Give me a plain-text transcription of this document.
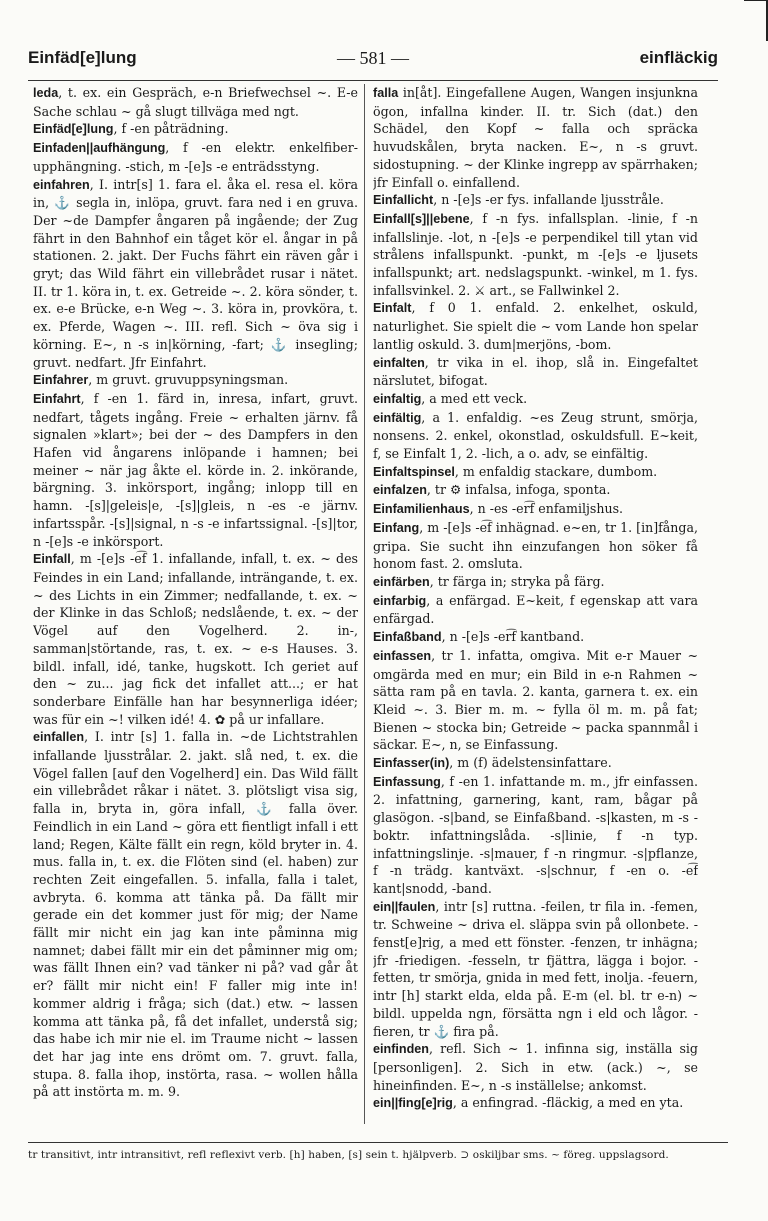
Einfäd[e]lung	— 581 —	einfläckig

leda, t. ex. ein Gespräch, e-n Briefwechsel ~. E-e Sache schlau ~ gå slugt tillväga med ngt.

Einfäd[e]lung, f -en påträdning.

Einfaden||aufhängung, f -en elektr. enkelfiber-upphängning. -stich, m -[e]s -e enträdsstyng.

einfahren, I. intr[s] 1. fara el. åka el. resa el. köra in, ⚓ segla in, inlöpa, gruvt. fara ned i en gruva. Der ~de Dampfer ångaren på ingående; der Zug fährt in den Bahnhof ein tåget kör el. ångar in på stationen. 2. jakt. Der Fuchs fährt ein räven går i gryt; das Wild fährt ein villebrådet rusar i nätet. II. tr 1. köra in, t. ex. Getreide ~. 2. köra sönder, t. ex. e-e Brücke, e-n Weg ~. 3. köra in, provköra, t. ex. Pferde, Wagen ~. III. refl. Sich ~ öva sig i körning. E~, n -s in|körning, -fart; ⚓ insegling; gruvt. nedfart. Jfr Einfahrt.

Einfahrer, m gruvt. gruvuppsyningsman.

Einfahrt, f -en 1. färd in, inresa, infart, gruvt. nedfart, tågets ingång. Freie ~ erhalten järnv. få signalen »klart»; bei der ~ des Dampfers in den Hafen vid ångarens inlöpande i hamnen; bei meiner ~ när jag åkte el. körde in. 2. inkörande, bärgning. 3. inkörsport, ingång; inlopp till en hamn. -[s]|geleis|e, -[s]|gleis, n -es -e järnv. infartsspår. -[s]|signal, n -s -e infartssignal. -[s]|tor, n -[e]s -e inkörsport.

Einfall, m -[e]s -e͡f 1. infallande, infall, t. ex. ~ des Feindes in ein Land; infallande, inträngande, t. ex. ~ des Lichts in ein Zimmer; nedfallande, t. ex. ~ der Klinke in das Schloß; nedslående, t. ex. ~ der Vögel auf den Vogelherd. 2. in-, samman|störtande, ras, t. ex. ~ e-s Hauses. 3. bildl. infall, idé, tanke, hugskott. Ich geriet auf den ~ zu... jag fick det infallet att...; er hat sonderbare Einfälle han har besynnerliga idéer; was für ein ~! vilken idé! 4. ✿ på ur infallare.

einfallen, I. intr [s] 1. falla in. ~de Lichtstrahlen infallande ljusstrålar. 2. jakt. slå ned, t. ex. die Vögel fallen [auf den Vogelherd] ein. Das Wild fällt ein villebrådet råkar i nätet. 3. plötsligt visa sig, falla in, bryta in, göra infall, ⚓ falla över. Feindlich in ein Land ~ göra ett fientligt infall i ett land; Regen, Kälte fällt ein regn, köld bryter in. 4. mus. falla in, t. ex. die Flöten sind (el. haben) zur rechten Zeit eingefallen. 5. infalla, falla i talet, avbryta. 6. komma att tänka på. Da fällt mir gerade ein det kommer just för mig; der Name fällt mir nicht ein jag kan inte påminna mig namnet; dabei fällt mir ein det påminner mig om; was fällt Ihnen ein? vad tänker ni på? vad går åt er? fällt mir nicht ein! F faller mig inte in! kommer aldrig i fråga; sich (dat.) etw. ~ lassen komma att tänka på, få det infallet, understå sig; das habe ich mir nie el. im Traume nicht ~ lassen det har jag inte ens drömt om. 7. gruvt. falla, stupa. 8. falla ihop, instörta, rasa. ~ wollen hålla på att instörta m. m. 9.

falla in[åt]. Eingefallene Augen, Wangen insjunkna ögon, infallna kinder. II. tr. Sich (dat.) den Schädel, den Kopf ~ falla och spräcka huvudskålen, bryta nacken. E~, n -s gruvt. sidostupning. ~ der Klinke ingrepp av spärrhaken; jfr Einfall o. einfallend.

Einfallicht, n -[e]s -er fys. infallande ljusstråle.

Einfall[s]||ebene, f -n fys. infallsplan. -linie, f -n infallslinje. -lot, n -[e]s -e perpendikel till ytan vid strålens infallspunkt. -punkt, m -[e]s -e ljusets infallspunkt; art. nedslagspunkt. -winkel, m 1. fys. infallsvinkel. 2. ⚔ art., se Fallwinkel 2.

Einfalt, f 0 1. enfald. 2. enkelhet, oskuld, naturlighet. Sie spielt die ~ vom Lande hon spelar lantlig oskuld. 3. dum|merjöns, -bom.

einfalten, tr vika in el. ihop, slå in. Eingefaltet närslutet, bifogat.

einfaltig, a med ett veck.

einfältig, a 1. enfaldig. ~es Zeug strunt, smörja, nonsens. 2. enkel, okonstlad, oskuldsfull. E~keit, f, se Einfalt 1, 2. -lich, a o. adv, se einfältig.

Einfaltspinsel, m enfaldig stackare, dumbom.

einfalzen, tr ⚙ infalsa, infoga, sponta.

Einfamilienhaus, n -es -er͡f enfamiljshus.

Einfang, m -[e]s -e͡f inhägnad. e~en, tr 1. [in]fånga, gripa. Sie sucht ihn einzufangen hon söker få honom fast. 2. omsluta.

einfärben, tr färga in; stryka på färg.

einfarbig, a enfärgad. E~keit, f egenskap att vara enfärgad.

Einfaßband, n -[e]s -er͡f kantband.

einfassen, tr 1. infatta, omgiva. Mit e-r Mauer ~ omgärda med en mur; ein Bild in e-n Rahmen ~ sätta ram på en tavla. 2. kanta, garnera t. ex. ein Kleid ~. 3. Bier m. m. ~ fylla öl m. m. på fat; Bienen ~ stocka bin; Getreide ~ packa spannmål i säckar. E~, n, se Einfassung.

Einfasser(in), m (f) ädelstensinfattare.

Einfassung, f -en 1. infattande m. m., jfr einfassen. 2. infattning, garnering, kant, ram, bågar på glasögon. -s|band, se Einfaßband. -s|kasten, m -s - boktr. infattningslåda. -s|linie, f -n typ. infattningslinje. -s|mauer, f -n ringmur. -s|pflanze, f -n trädg. kantväxt. -s|schnur, f -en o. -e͡f kant|snodd, -band.

ein||faulen, intr [s] ruttna. -feilen, tr fila in. -femen, tr. Schweine ~ driva el. släppa svin på ollonbete. -fenst[e]rig, a med ett fönster. -fenzen, tr inhägna; jfr -friedigen. -fesseln, tr fjättra, lägga i bojor. -fetten, tr smörja, gnida in med fett, inolja. -feuern, intr [h] starkt elda, elda på. E-m (el. bl. tr e-n) ~ bildl. uppelda ngn, försätta ngn i eld och lågor. -fieren, tr ⚓ fira på.

einfinden, refl. Sich ~ 1. infinna sig, inställa sig [personligen]. 2. Sich in etw. (ack.) ~, se hineinfinden. E~, n -s inställelse; ankomst.

ein||fing[e]rig, a enfingrad. -fläckig, a med en yta.

tr transitivt, intr intransitivt, refl reflexivt verb. [h] haben, [s] sein t. hjälpverb. ⊃ oskiljbar sms. ~ föreg. uppslagsord.
